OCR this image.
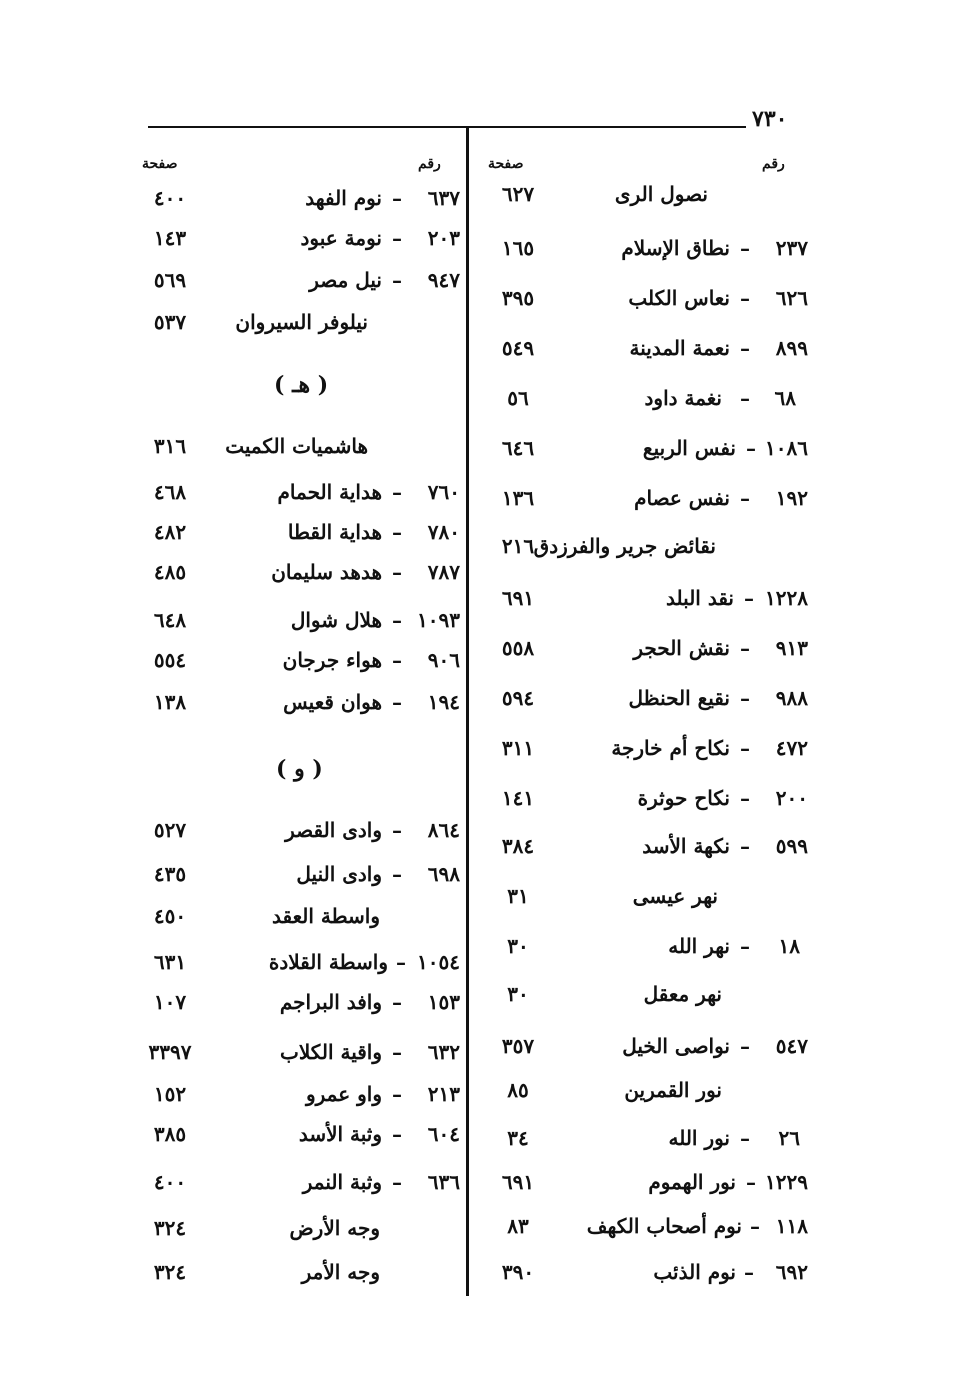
٧٣٠
رقم
صفحة
رقم
صفحة
نصول الرى
٦٢٧
٢٣٧
–
نطاق الإسلام
١٦٥
٦٢٦
–
نعاس الكلب
٣٩٥
٨٩٩
–
نعمة المدينة
٥٤٩
٦٨
–
نغمة داود
٥٦
١٠٨٦
–
نفس الربيع
٦٤٦
١٩٢
–
نفس عصام
١٣٦
نقائض جرير والفرزدق
٢١٦
١٢٢٨
–
نقد البلد
٦٩١
٩١٣
–
نقش الحجر
٥٥٨
٩٨٨
–
نقيع الحنظل
٥٩٤
٤٧٢
–
نكاح أم خارجة
٣١١
٢٠٠
–
نكاح حوثرة
١٤١
٥٩٩
–
نكهة الأسد
٣٨٤
نهر عيسى
٣١
١٨
–
نهر الله
٣٠
نهر معقل
٣٠
٥٤٧
–
نواصى الخيل
٣٥٧
نور القمرين
٨٥
٢٦
–
نور الله
٣٤
١٢٢٩
–
نور الهموم
٦٩١
١١٨
–
نوم أصحاب الكهف
٨٣
٦٩٢
–
نوم الذئب
٣٩٠
٦٣٧
–
نوم الفهد
٤٠٠
٢٠٣
–
نومة عبود
١٤٣
٩٤٧
–
نيل مصر
٥٦٩
نيلوفر السيروان
٥٣٧
( هـ )
هاشميات الكميت
٣١٦
٧٦٠
–
هداية الحمام
٤٦٨
٧٨٠
–
هداية القطا
٤٨٢
٧٨٧
–
هدهد سليمان
٤٨٥
١٠٩٣
–
هلال شوال
٦٤٨
٩٠٦
–
هواء جرجان
٥٥٤
١٩٤
–
هوان قعيس
١٣٨
( و )
٨٦٤
–
وادى القصر
٥٢٧
٦٩٨
–
وادى النيل
٤٣٥
واسطة العقد
٤٥٠
١٠٥٤
–
واسطة القلادة
٦٣١
١٥٣
–
وافد البراجم
١٠٧
٦٣٢
–
واقية الكلاب
٣٣٩٧
٢١٣
–
واو عمرو
١٥٢
٦٠٤
–
وثبة الأسد
٣٨٥
٦٣٦
–
وثبة النمر
٤٠٠
وجه الأرض
٣٢٤
وجه الأمر
٣٢٤
